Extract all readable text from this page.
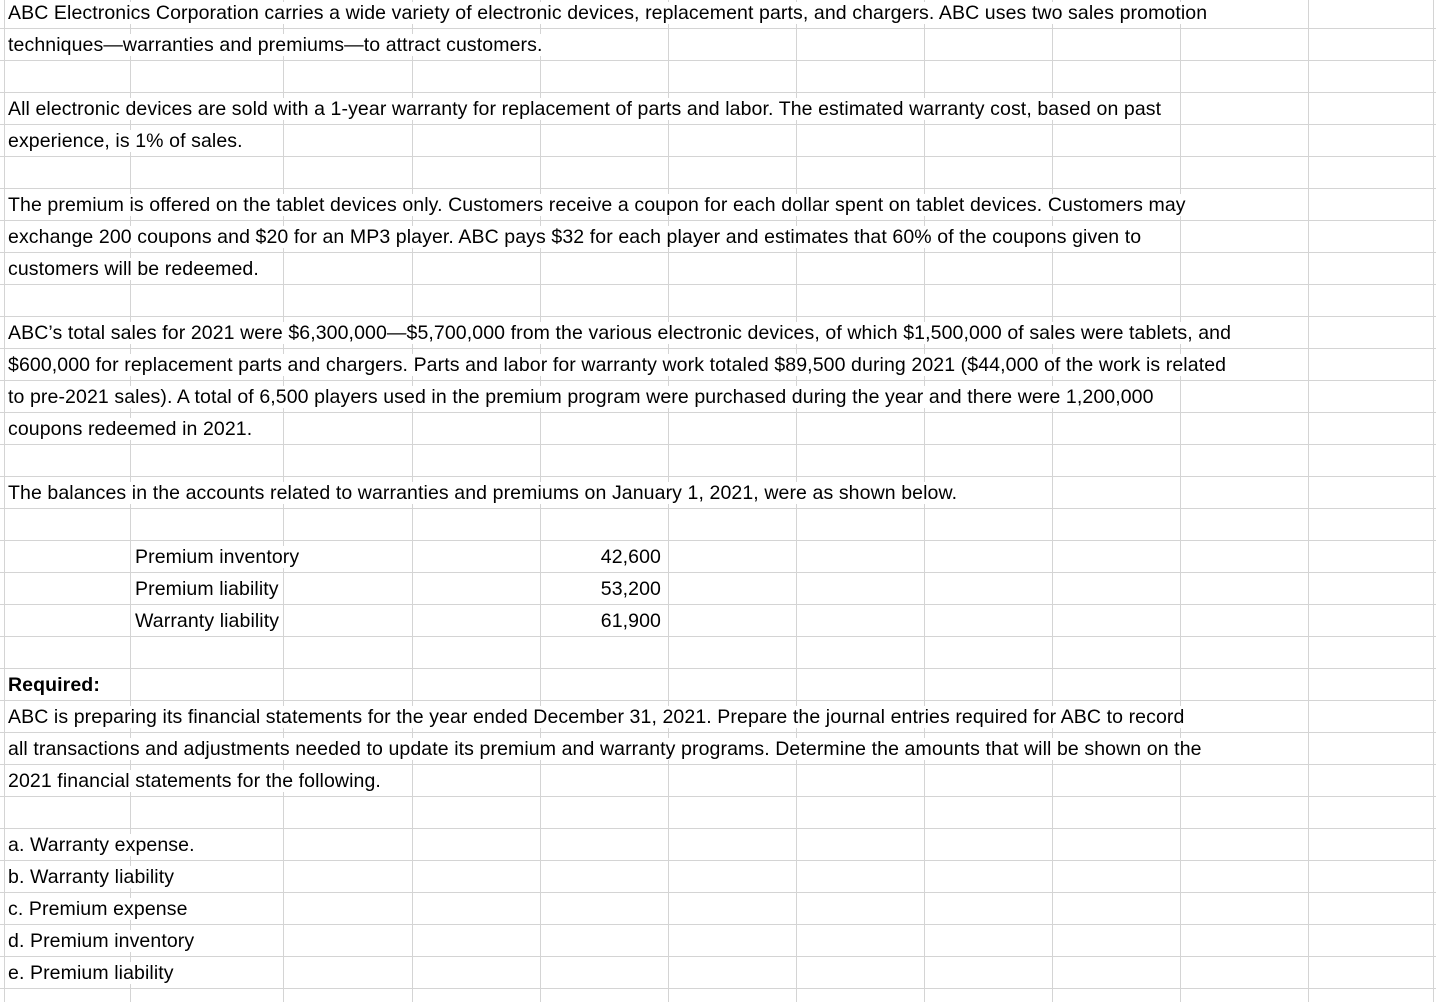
ABC Electronics Corporation carries a wide variety of electronic devices, replacement parts, and chargers. ABC uses two sales promotion
techniques—warranties and premiums—to attract customers.
All electronic devices are sold with a 1-year warranty for replacement of parts and labor. The estimated warranty cost, based on past
experience, is 1% of sales.
The premium is offered on the tablet devices only. Customers receive a coupon for each dollar spent on tablet devices. Customers may
exchange 200 coupons and $20 for an MP3 player. ABC pays $32 for each player and estimates that 60% of the coupons given to
customers will be redeemed.
ABC’s total sales for 2021 were $6,300,000—$5,700,000 from the various electronic devices, of which $1,500,000 of sales were tablets, and
$600,000 for replacement parts and chargers. Parts and labor for warranty work totaled $89,500 during 2021 ($44,000 of the work is related
to pre-2021 sales). A total of 6,500 players used in the premium program were purchased during the year and there were 1,200,000
coupons redeemed in 2021.
The balances in the accounts related to warranties and premiums on January 1, 2021, were as shown below.
Premium inventory	42,600
Premium liability	53,200
Warranty liability	61,900
Required:
ABC is preparing its financial statements for the year ended December 31, 2021. Prepare the journal entries required for ABC to record
all transactions and adjustments needed to update its premium and warranty programs. Determine the amounts that will be shown on the
2021 financial statements for the following.
a. Warranty expense.
b. Warranty liability
c. Premium expense
d. Premium inventory
e. Premium liability
